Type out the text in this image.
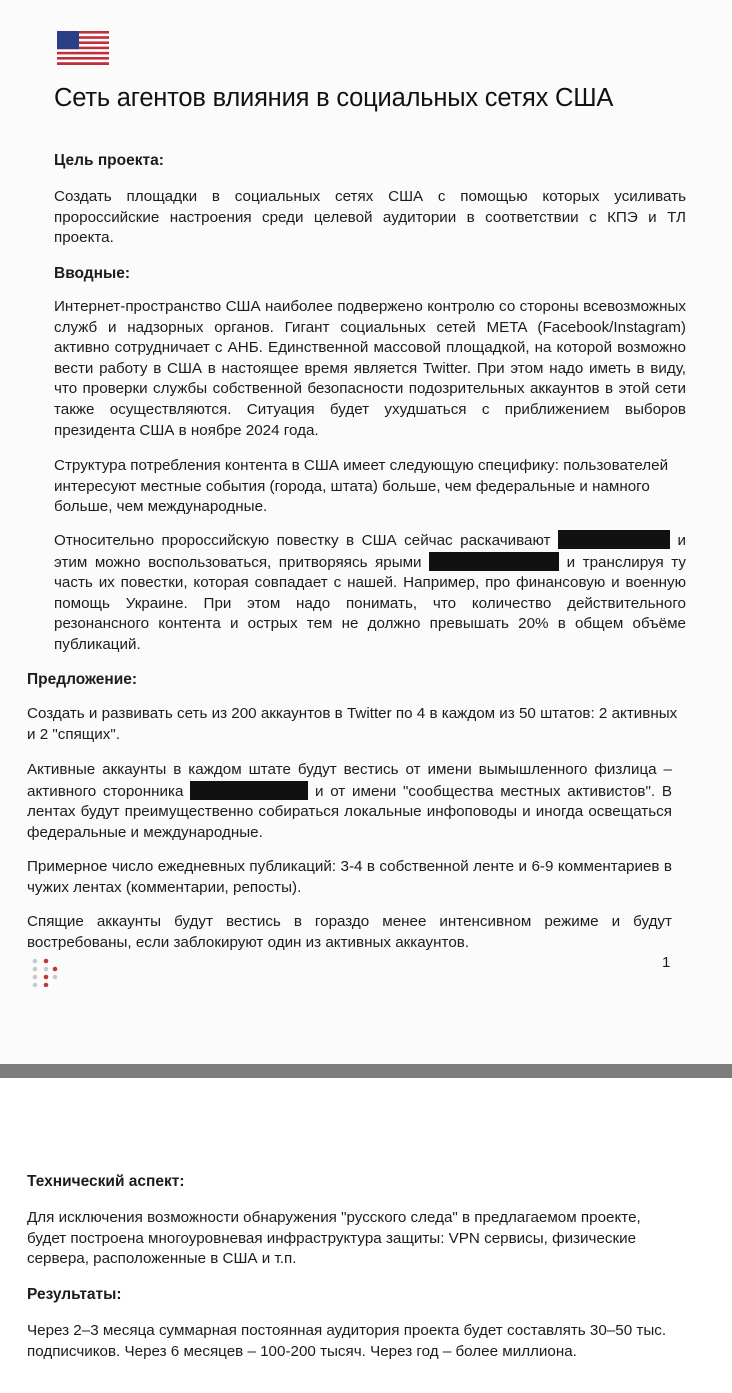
Сеть агентов влияния в социальных сетях США

Цель проекта:

Создать площадки в социальных сетях США с помощью которых усиливать пророссийские настроения среди целевой аудитории в соответствии с КПЭ и ТЛ проекта.

Вводные:

Интернет-пространство США наиболее подвержено контролю со стороны всевозможных служб и надзорных органов. Гигант социальных сетей META (Facebook/Instagram) активно сотрудничает с АНБ. Единственной массовой площадкой, на которой возможно вести работу в США в настоящее время является Twitter. При этом надо иметь в виду, что проверки службы собственной безопасности подозрительных аккаунтов в этой сети также осуществляются. Ситуация будет ухудшаться с приближением выборов президента США в ноябре 2024 года.

Структура потребления контента в США имеет следующую специфику: пользователей интересуют местные события (города, штата) больше, чем федеральные и намного больше, чем международные.

Относительно пророссийскую повестку в США сейчас раскачивают	и этим можно воспользоваться, притворяясь ярыми	и транслируя ту часть их повестки, которая совпадает с нашей. Например, про финансовую и военную помощь Украине. При этом надо понимать, что количество действительного резонансного контента и острых тем не должно превышать 20% в общем объёме публикаций.

Предложение:

Создать и развивать сеть из 200 аккаунтов в Twitter по 4 в каждом из 50 штатов: 2 активных и 2 "спящих".

Активные аккаунты в каждом штате будут вестись от имени вымышленного физлица – активного сторонника	и от имени "сообщества местных активистов". В лентах будут преимущественно собираться локальные инфоповоды и иногда освещаться федеральные и международные.

Примерное число ежедневных публикаций: 3-4 в собственной ленте и 6-9 комментариев в чужих лентах (комментарии, репосты).

Спящие аккаунты будут вестись в гораздо менее интенсивном режиме и будут востребованы, если заблокируют один из активных аккаунтов.

1

Технический аспект:

Для исключения возможности обнаружения "русского следа" в предлагаемом проекте, будет построена многоуровневая инфраструктура защиты: VPN сервисы, физические сервера, расположенные в США и т.п.

Результаты:

Через 2–3 месяца суммарная постоянная аудитория проекта будет составлять 30–50 тыс. подписчиков. Через 6 месяцев – 100-200 тысяч. Через год – более миллиона.
